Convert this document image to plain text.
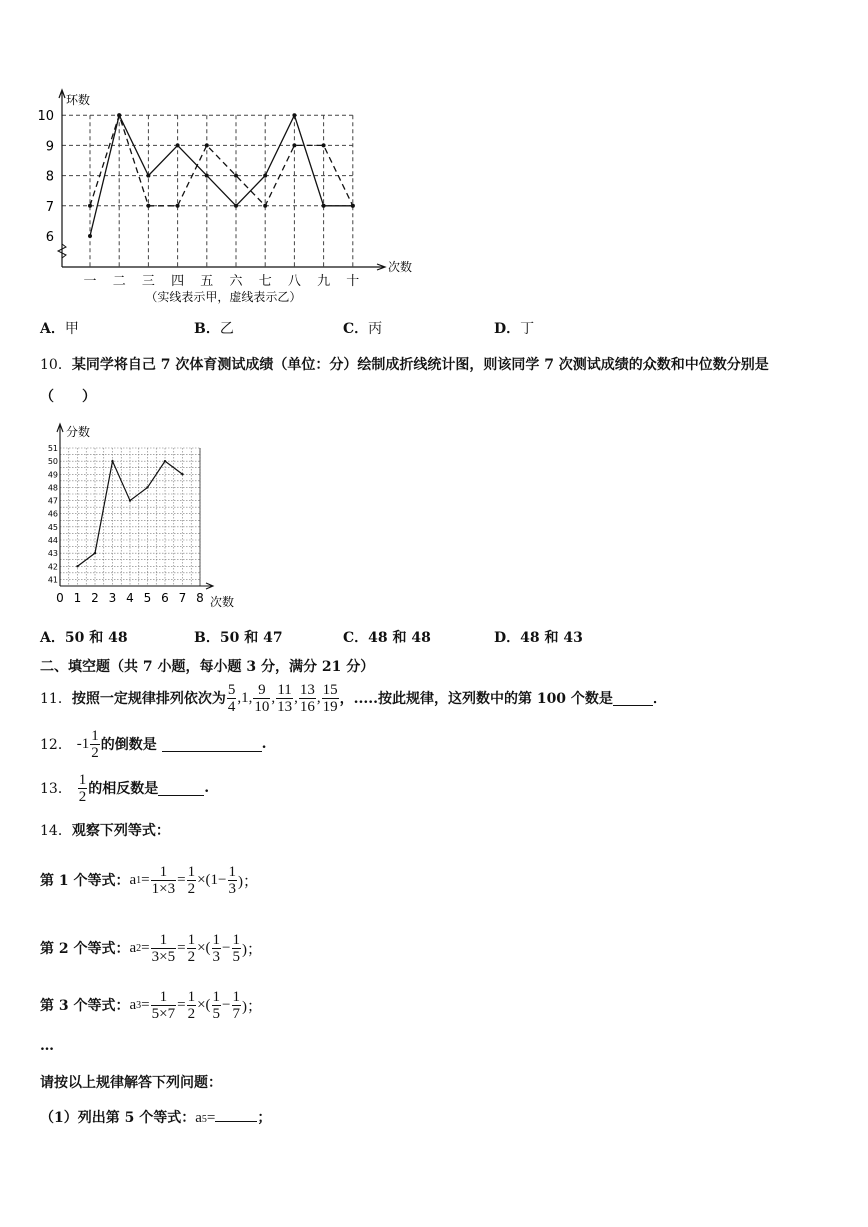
10
9
8
7
6
一 二 三 四 五 六 七 八 九 十
环数
次数
（实线表示甲，虚线表示乙）
A．甲	B．乙	C．丙	D．丁
10．某同学将自己 7 次体育测试成绩（单位：分）绘制成折线统计图，则该同学 7 次测试成绩的众数和中位数分别是
（　　）
51
50
49
48
47
46
45
44
43
42
41
0 1 2 3 4 5 6 7 8
分数
次数
A．50 和 48	B．50 和 47	C．48 和 48	D．48 和 43
二、填空题（共 7 小题，每小题 3 分，满分 21 分）
11． 按照一定规律排列依次为 $\frac{5}{4}$ , 1 , $\frac{9}{10}$ , $\frac{11}{13}$ , $\frac{13}{16}$ , $\frac{15}{19}$ ，.....按此规律，这列数中的第 100 个数是	．
12．
$-1 \frac{1}{2}$ 的倒数是
	.
13．
$\frac{1}{2}$ 的相反数是	.
14．观察下列等式：
第 1 个等式： a $1 = \frac{1}{1\times 3} = \frac{1}{2} \times(1- \frac{1}{3}$ )；
第 2 个等式： a $2 = \frac{1}{3\times 5} = \frac{1}{2}$ ×( $\frac{1}{3} - \frac{1}{5}$ )；
第 3 个等式： a $3 = \frac{1}{5\times 7} = \frac{1}{2}$ ×( $\frac{1}{5} - \frac{1}{7}$ )；
…
请按以上规律解答下列问题：
（1）列出第 5 个等式： a 5 =	；
